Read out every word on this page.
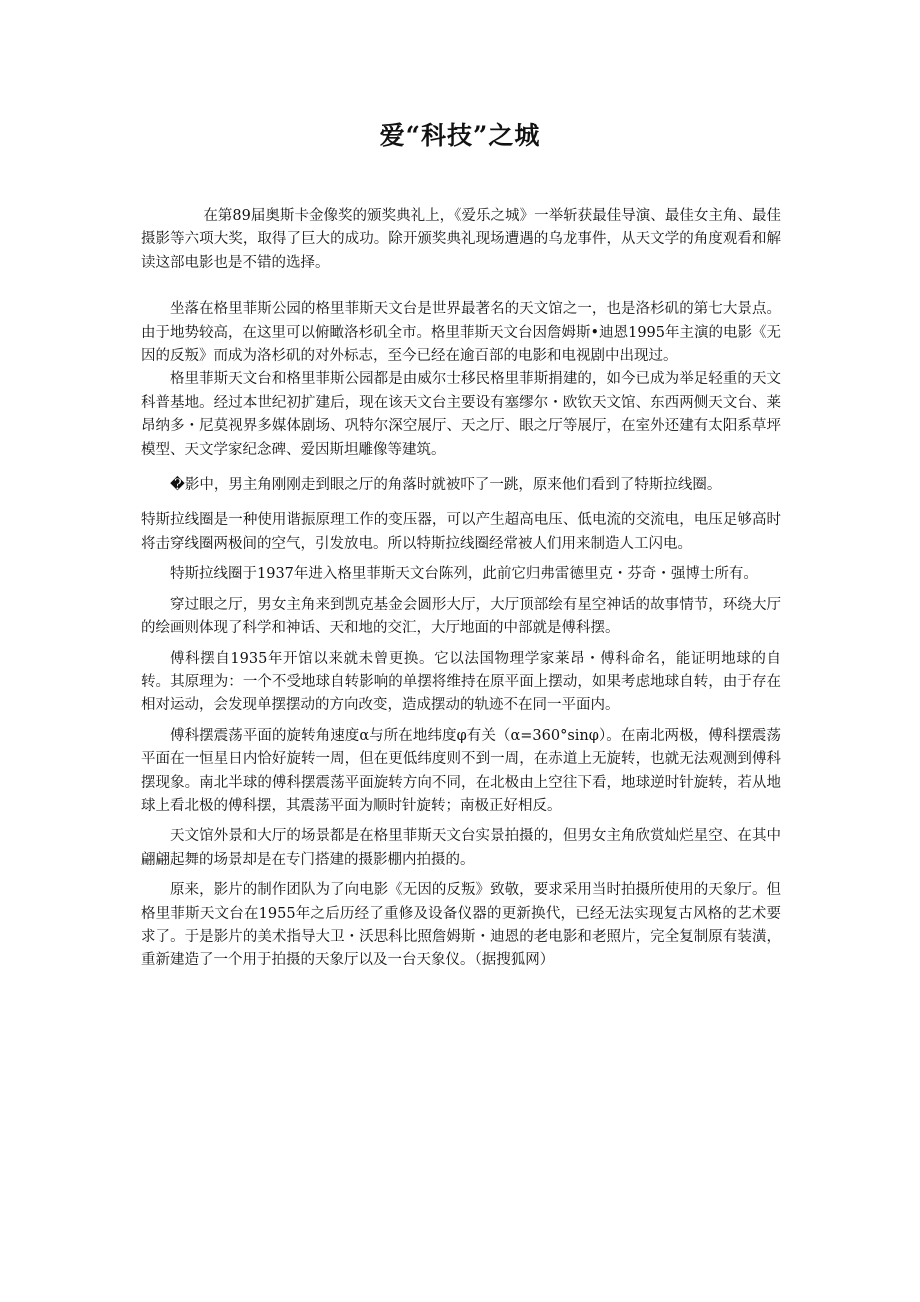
爱“科技”之城

在第89届奥斯卡金像奖的颁奖典礼上，《爱乐之城》一举斩获最佳导演、最佳女主角、最佳摄影等六项大奖，取得了巨大的成功。除开颁奖典礼现场遭遇的乌龙事件，从天文学的角度观看和解读这部电影也是不错的选择。

坐落在格里菲斯公园的格里菲斯天文台是世界最著名的天文馆之一，也是洛杉矶的第七大景点。由于地势较高，在这里可以俯瞰洛杉矶全市。格里菲斯天文台因詹姆斯•迪恩1995年主演的电影《无因的反叛》而成为洛杉矶的对外标志，至今已经在逾百部的电影和电视剧中出现过。

格里菲斯天文台和格里菲斯公园都是由威尔士移民格里菲斯捐建的，如今已成为举足轻重的天文科普基地。经过本世纪初扩建后，现在该天文台主要设有塞缪尔・欧钦天文馆、东西两侧天文台、莱昂纳多・尼莫视界多媒体剧场、巩特尔深空展厅、天之厅、眼之厅等展厅，在室外还建有太阳系草坪模型、天文学家纪念碑、爱因斯坦雕像等建筑。

�影中，男主角刚刚走到眼之厅的角落时就被吓了一跳，原来他们看到了特斯拉线圈。

特斯拉线圈是一种使用谐振原理工作的变压器，可以产生超高电压、低电流的交流电，电压足够高时将击穿线圈两极间的空气，引发放电。所以特斯拉线圈经常被人们用来制造人工闪电。

特斯拉线圈于1937年进入格里菲斯天文台陈列，此前它归弗雷德里克・芬奇・强博士所有。

穿过眼之厅，男女主角来到凯克基金会圆形大厅，大厅顶部绘有星空神话的故事情节，环绕大厅的绘画则体现了科学和神话、天和地的交汇，大厅地面的中部就是傅科摆。

傅科摆自1935年开馆以来就未曾更换。它以法国物理学家莱昂・傅科命名，能证明地球的自转。其原理为：一个不受地球自转影响的单摆将维持在原平面上摆动，如果考虑地球自转，由于存在相对运动，会发现单摆摆动的方向改变，造成摆动的轨迹不在同一平面内。

傅科摆震荡平面的旋转角速度α与所在地纬度φ有关（α=360°sinφ）。在南北两极，傅科摆震荡平面在一恒星日内恰好旋转一周，但在更低纬度则不到一周，在赤道上无旋转，也就无法观测到傅科摆现象。南北半球的傅科摆震荡平面旋转方向不同，在北极由上空往下看，地球逆时针旋转，若从地球上看北极的傅科摆，其震荡平面为顺时针旋转；南极正好相反。

天文馆外景和大厅的场景都是在格里菲斯天文台实景拍摄的，但男女主角欣赏灿烂星空、在其中翩翩起舞的场景却是在专门搭建的摄影棚内拍摄的。

原来，影片的制作团队为了向电影《无因的反叛》致敬，要求采用当时拍摄所使用的天象厅。但格里菲斯天文台在1955年之后历经了重修及设备仪器的更新换代，已经无法实现复古风格的艺术要求了。于是影片的美术指导大卫・沃思科比照詹姆斯・迪恩的老电影和老照片，完全复制原有装潢，重新建造了一个用于拍摄的天象厅以及一台天象仪。（据搜狐网）
